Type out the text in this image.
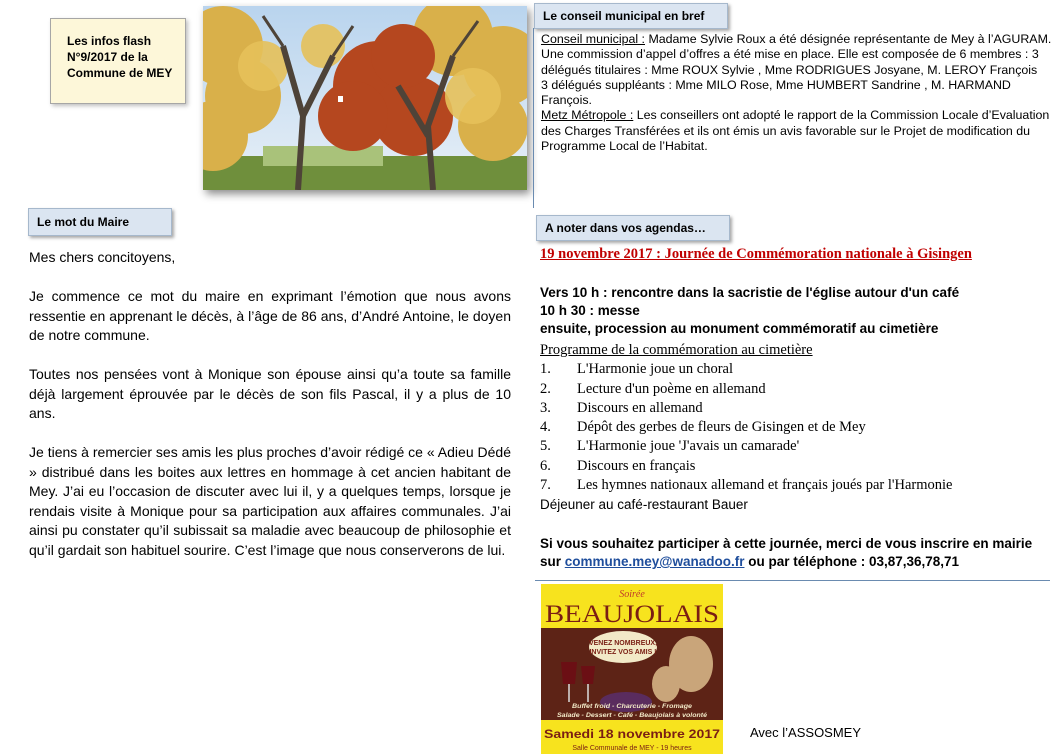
Les infos flash
N°9/2017 de la
Commune de MEY
Le mot du Maire

Mes chers concitoyens,

Je commence ce mot du maire en exprimant l’émotion que nous avons ressentie en apprenant le décès, à l’âge de 86 ans, d’André Antoine, le doyen de notre commune.

Toutes nos pensées vont à Monique son épouse ainsi qu’a toute sa famille déjà largement éprouvée par le décès de son fils Pascal, il y a plus de 10 ans.

Je tiens à remercier ses amis les plus proches d’avoir rédigé ce « Adieu Dédé » distribué dans les boites aux lettres en hommage à cet ancien habitant de Mey. J’ai eu l’occasion de discuter avec lui il, y a quelques temps, lorsque je rendais visite à Monique pour sa participation aux affaires communales. J’ai ainsi pu constater qu’il subissait sa maladie avec beaucoup de philosophie et qu’il gardait son habituel sourire. C’est l’image que nous conserverons de lui.

Le conseil municipal en bref

Conseil municipal : Madame Sylvie Roux a été désignée représentante de Mey à l’AGURAM.

Une commission d’appel d’offres a été mise en place. Elle est composée de 6 membres : 3 délégués titulaires : Mme ROUX Sylvie , Mme RODRIGUES Josyane, M. LEROY François

3 délégués suppléants : Mme MILO Rose, Mme HUMBERT Sandrine , M. HARMAND François.

Metz Métropole : Les conseillers ont adopté le rapport de la Commission Locale d’Evaluation des Charges Transférées et ils ont émis un avis favorable sur le Projet de modification du Programme Local de l’Habitat.

A noter dans vos agendas…
19 novembre 2017 : Journée de Commémoration nationale à Gisingen

Vers 10 h : rencontre dans la sacristie de l'église autour d'un café

10 h 30 : messe

ensuite, procession au monument commémoratif au cimetière

Programme de la commémoration au cimetière
1.	L'Harmonie joue un choral
2.	Lecture d'un poème en allemand
3.	Discours en allemand
4.	Dépôt des gerbes de fleurs de Gisingen et de Mey
5.	L'Harmonie joue 'J'avais un camarade'
6.	Discours en français
7.	Les hymnes nationaux allemand et français joués par l'Harmonie
Déjeuner au café-restaurant Bauer
Si vous souhaitez participer à cette journée, merci de vous inscrire en mairie
sur commune.mey@wanadoo.fr ou par téléphone : 03,87,36,78,71
VENEZ NOMBREUX,
INVITEZ VOS AMIS !
Soirée
BEAUJOLAIS
Buffet froid - Charcuterie - Fromage
Salade - Dessert - Café - Beaujolais à volonté
Samedi 18 novembre 2017
Salle Communale de MEY - 19 heures
Avec l’ASSOSMEY
